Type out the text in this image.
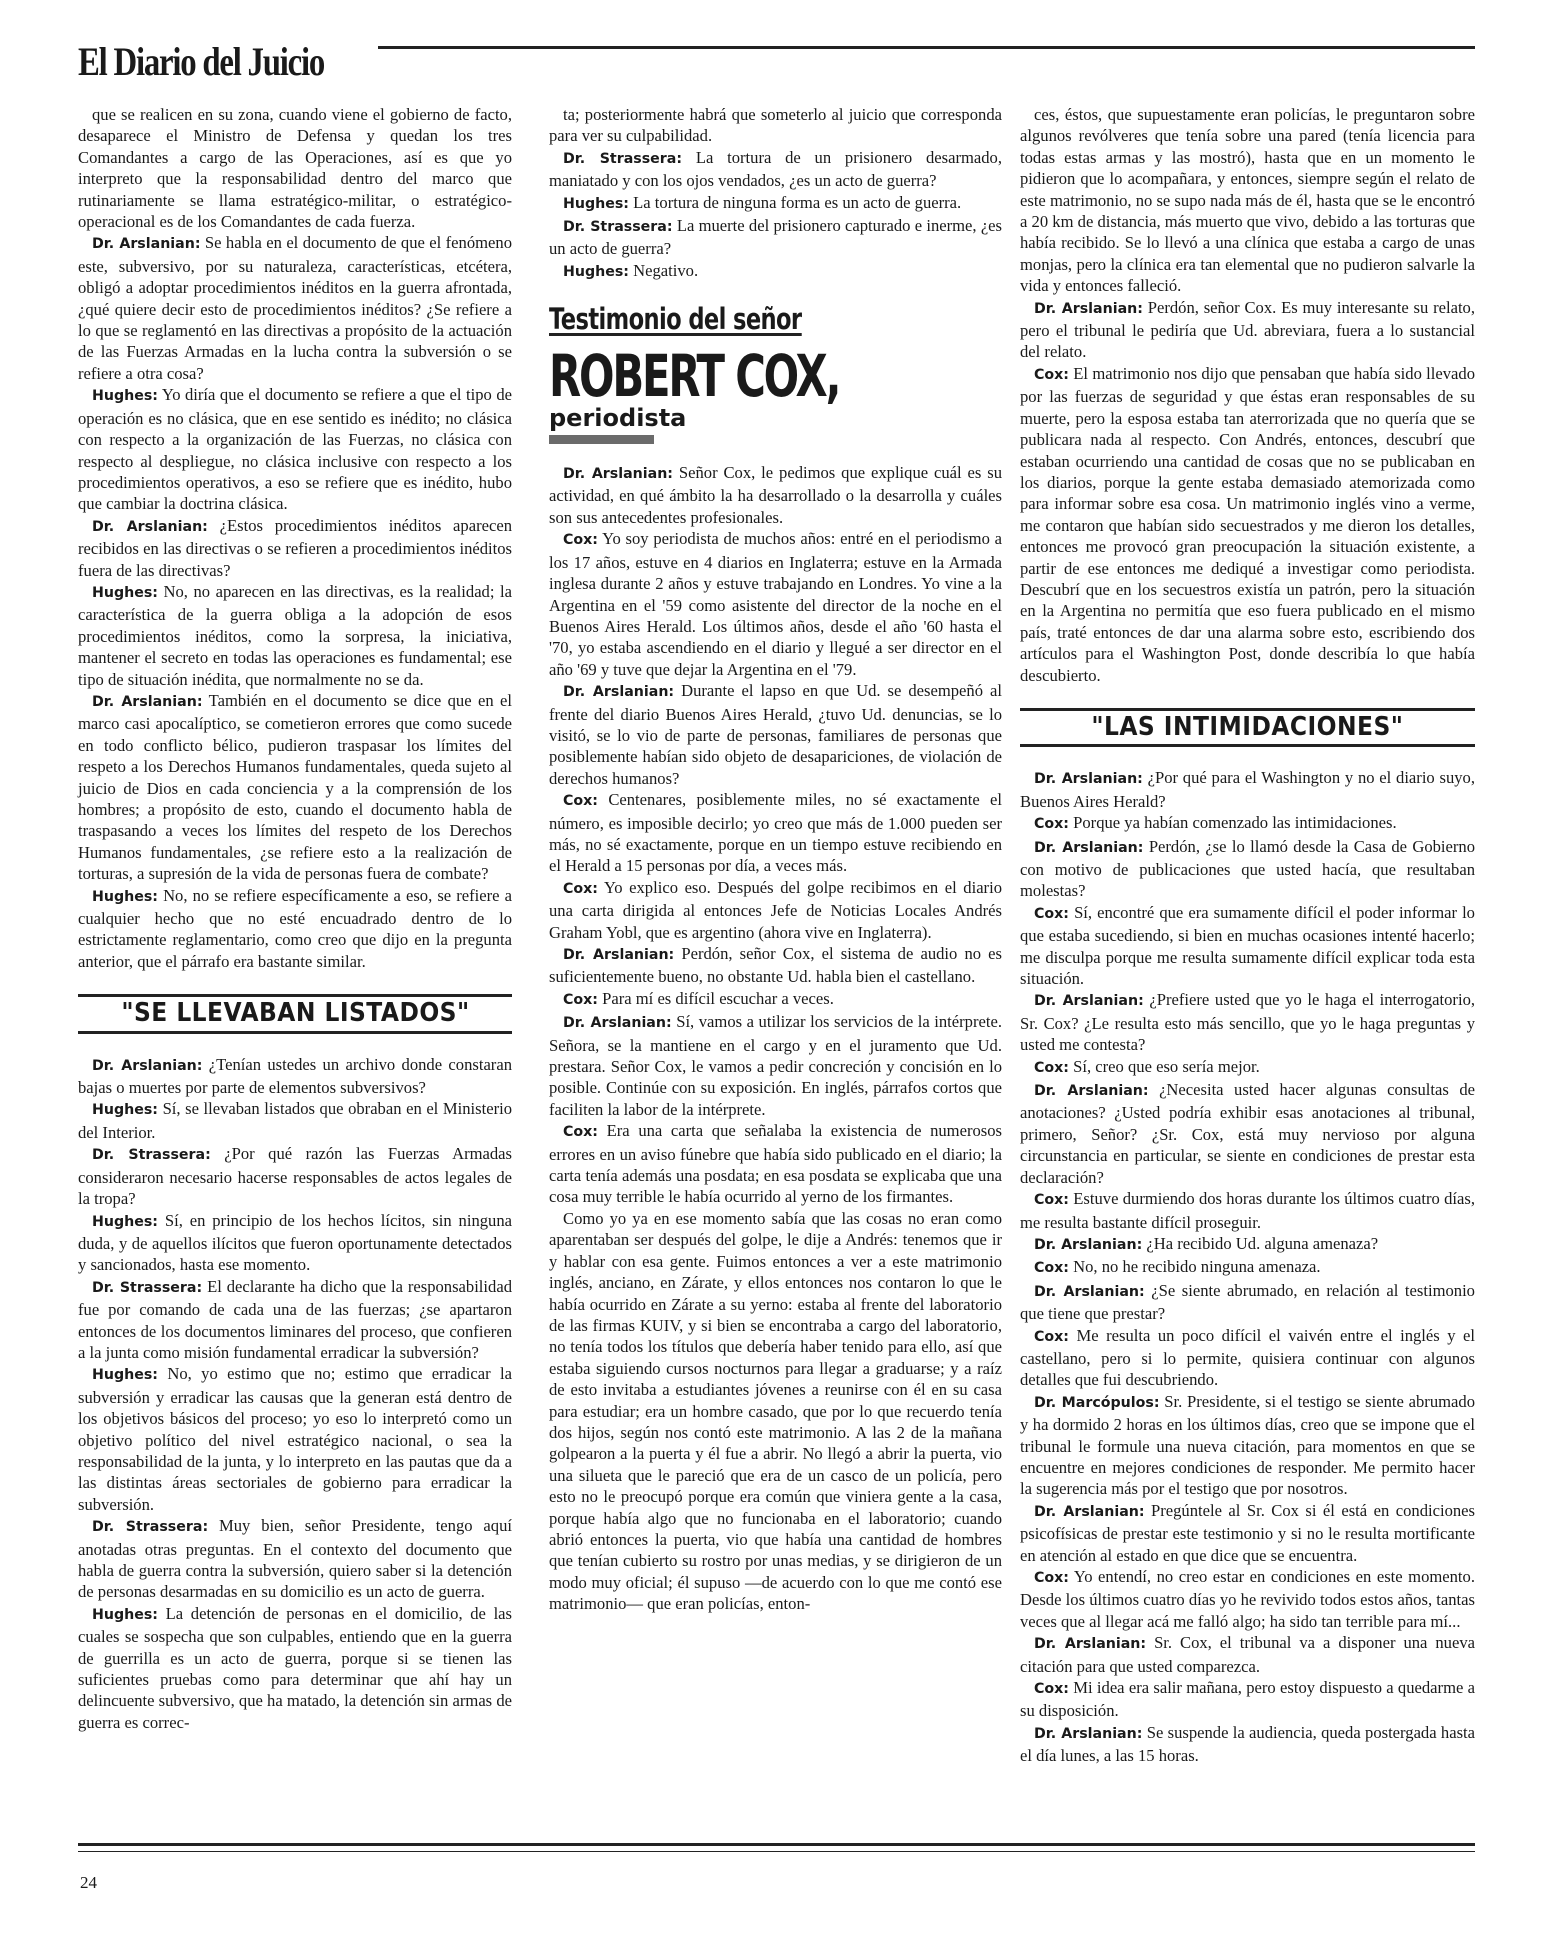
El Diario del Juicio

que se realicen en su zona, cuando viene el gobierno de facto, desaparece el Ministro de Defensa y quedan los tres Comandantes a cargo de las Operaciones, así es que yo interpreto que la responsabilidad dentro del marco que rutinariamente se llama estratégico-militar, o estratégico-operacional es de los Comandantes de cada fuerza.

Dr. Arslanian: Se habla en el documento de que el fenómeno este, subversivo, por su naturaleza, características, etcétera, obligó a adoptar procedimientos inéditos en la guerra afrontada, ¿qué quiere decir esto de procedimientos inéditos? ¿Se refiere a lo que se reglamentó en las directivas a propósito de la actuación de las Fuerzas Armadas en la lucha contra la subversión o se refiere a otra cosa?

Hughes: Yo diría que el documento se refiere a que el tipo de operación es no clásica, que en ese sentido es inédito; no clásica con respecto a la organización de las Fuerzas, no clásica con respecto al despliegue, no clásica inclusive con respecto a los procedimientos operativos, a eso se refiere que es inédito, hubo que cambiar la doctrina clásica.

Dr. Arslanian: ¿Estos procedimientos inéditos aparecen recibidos en las directivas o se refieren a procedimientos inéditos fuera de las directivas?

Hughes: No, no aparecen en las directivas, es la realidad; la característica de la guerra obliga a la adopción de esos procedimientos inéditos, como la sorpresa, la iniciativa, mantener el secreto en todas las operaciones es fundamental; ese tipo de situación inédita, que normalmente no se da.

Dr. Arslanian: También en el documento se dice que en el marco casi apocalíptico, se cometieron errores que como sucede en todo conflicto bélico, pudieron traspasar los límites del respeto a los Derechos Humanos fundamentales, queda sujeto al juicio de Dios en cada conciencia y a la comprensión de los hombres; a propósito de esto, cuando el documento habla de traspasando a veces los límites del respeto de los Derechos Humanos fundamentales, ¿se refiere esto a la realización de torturas, a supresión de la vida de personas fuera de combate?

Hughes: No, no se refiere específicamente a eso, se refiere a cualquier hecho que no esté encuadrado dentro de lo estrictamente reglamentario, como creo que dijo en la pregunta anterior, que el párrafo era bastante similar.

"SE LLEVABAN LISTADOS"

Dr. Arslanian: ¿Tenían ustedes un archivo donde constaran bajas o muertes por parte de elementos subversivos?

Hughes: Sí, se llevaban listados que obraban en el Ministerio del Interior.

Dr. Strassera: ¿Por qué razón las Fuerzas Armadas consideraron necesario hacerse responsables de actos legales de la tropa?

Hughes: Sí, en principio de los hechos lícitos, sin ninguna duda, y de aquellos ilícitos que fueron oportunamente detectados y sancionados, hasta ese momento.

Dr. Strassera: El declarante ha dicho que la responsabilidad fue por comando de cada una de las fuerzas; ¿se apartaron entonces de los documentos liminares del proceso, que confieren a la junta como misión fundamental erradicar la subversión?

Hughes: No, yo estimo que no; estimo que erradicar la subversión y erradicar las causas que la generan está dentro de los objetivos básicos del proceso; yo eso lo interpretó como un objetivo político del nivel estratégico nacional, o sea la responsabilidad de la junta, y lo interpreto en las pautas que da a las distintas áreas sectoriales de gobierno para erradicar la subversión.

Dr. Strassera: Muy bien, señor Presidente, tengo aquí anotadas otras preguntas. En el contexto del documento que habla de guerra contra la subversión, quiero saber si la detención de personas desarmadas en su domicilio es un acto de guerra.

Hughes: La detención de personas en el domicilio, de las cuales se sospecha que son culpables, entiendo que en la guerra de guerrilla es un acto de guerra, porque si se tienen las suficientes pruebas como para determinar que ahí hay un delincuente subversivo, que ha matado, la detención sin armas de guerra es correc-

ta; posteriormente habrá que someterlo al juicio que corresponda para ver su culpabilidad.

Dr. Strassera: La tortura de un prisionero desarmado, maniatado y con los ojos vendados, ¿es un acto de guerra?

Hughes: La tortura de ninguna forma es un acto de guerra.

Dr. Strassera: La muerte del prisionero capturado e inerme, ¿es un acto de guerra?

Hughes: Negativo.

Testimonio del señor
ROBERT COX,
periodista

Dr. Arslanian: Señor Cox, le pedimos que explique cuál es su actividad, en qué ámbito la ha desarrollado o la desarrolla y cuáles son sus antecedentes profesionales.

Cox: Yo soy periodista de muchos años: entré en el periodismo a los 17 años, estuve en 4 diarios en Inglaterra; estuve en la Armada inglesa durante 2 años y estuve trabajando en Londres. Yo vine a la Argentina en el '59 como asistente del director de la noche en el Buenos Aires Herald. Los últimos años, desde el año '60 hasta el '70, yo estaba ascendiendo en el diario y llegué a ser director en el año '69 y tuve que dejar la Argentina en el '79.

Dr. Arslanian: Durante el lapso en que Ud. se desempeñó al frente del diario Buenos Aires Herald, ¿tuvo Ud. denuncias, se lo visitó, se lo vio de parte de personas, familiares de personas que posiblemente habían sido objeto de desapariciones, de violación de derechos humanos?

Cox: Centenares, posiblemente miles, no sé exactamente el número, es imposible decirlo; yo creo que más de 1.000 pueden ser más, no sé exactamente, porque en un tiempo estuve recibiendo en el Herald a 15 personas por día, a veces más.

Cox: Yo explico eso. Después del golpe recibimos en el diario una carta dirigida al entonces Jefe de Noticias Locales Andrés Graham Yobl, que es argentino (ahora vive en Inglaterra).

Dr. Arslanian: Perdón, señor Cox, el sistema de audio no es suficientemente bueno, no obstante Ud. habla bien el castellano.

Cox: Para mí es difícil escuchar a veces.

Dr. Arslanian: Sí, vamos a utilizar los servicios de la intérprete. Señora, se la mantiene en el cargo y en el juramento que Ud. prestara. Señor Cox, le vamos a pedir concreción y concisión en lo posible. Continúe con su exposición. En inglés, párrafos cortos que faciliten la labor de la intérprete.

Cox: Era una carta que señalaba la existencia de numerosos errores en un aviso fúnebre que había sido publicado en el diario; la carta tenía además una posdata; en esa posdata se explicaba que una cosa muy terrible le había ocurrido al yerno de los firmantes.

Como yo ya en ese momento sabía que las cosas no eran como aparentaban ser después del golpe, le dije a Andrés: tenemos que ir y hablar con esa gente. Fuimos entonces a ver a este matrimonio inglés, anciano, en Zárate, y ellos entonces nos contaron lo que le había ocurrido en Zárate a su yerno: estaba al frente del laboratorio de las firmas KUIV, y si bien se encontraba a cargo del laboratorio, no tenía todos los títulos que debería haber tenido para ello, así que estaba siguiendo cursos nocturnos para llegar a graduarse; y a raíz de esto invitaba a estudiantes jóvenes a reunirse con él en su casa para estudiar; era un hombre casado, que por lo que recuerdo tenía dos hijos, según nos contó este matrimonio. A las 2 de la mañana golpearon a la puerta y él fue a abrir. No llegó a abrir la puerta, vio una silueta que le pareció que era de un casco de un policía, pero esto no le preocupó porque era común que viniera gente a la casa, porque había algo que no funcionaba en el laboratorio; cuando abrió entonces la puerta, vio que había una cantidad de hombres que tenían cubierto su rostro por unas medias, y se dirigieron de un modo muy oficial; él supuso —de acuerdo con lo que me contó ese matrimonio— que eran policías, enton-

ces, éstos, que supuestamente eran policías, le preguntaron sobre algunos revólveres que tenía sobre una pared (tenía licencia para todas estas armas y las mostró), hasta que en un momento le pidieron que lo acompañara, y entonces, siempre según el relato de este matrimonio, no se supo nada más de él, hasta que se le encontró a 20 km de distancia, más muerto que vivo, debido a las torturas que había recibido. Se lo llevó a una clínica que estaba a cargo de unas monjas, pero la clínica era tan elemental que no pudieron salvarle la vida y entonces falleció.

Dr. Arslanian: Perdón, señor Cox. Es muy interesante su relato, pero el tribunal le pediría que Ud. abreviara, fuera a lo sustancial del relato.

Cox: El matrimonio nos dijo que pensaban que había sido llevado por las fuerzas de seguridad y que éstas eran responsables de su muerte, pero la esposa estaba tan aterrorizada que no quería que se publicara nada al respecto. Con Andrés, entonces, descubrí que estaban ocurriendo una cantidad de cosas que no se publicaban en los diarios, porque la gente estaba demasiado atemorizada como para informar sobre esa cosa. Un matrimonio inglés vino a verme, me contaron que habían sido secuestrados y me dieron los detalles, entonces me provocó gran preocupación la situación existente, a partir de ese entonces me dediqué a investigar como periodista. Descubrí que en los secuestros existía un patrón, pero la situación en la Argentina no permitía que eso fuera publicado en el mismo país, traté entonces de dar una alarma sobre esto, escribiendo dos artículos para el Washington Post, donde describía lo que había descubierto.

"LAS INTIMIDACIONES"

Dr. Arslanian: ¿Por qué para el Washington y no el diario suyo, Buenos Aires Herald?

Cox: Porque ya habían comenzado las intimidaciones.

Dr. Arslanian: Perdón, ¿se lo llamó desde la Casa de Gobierno con motivo de publicaciones que usted hacía, que resultaban molestas?

Cox: Sí, encontré que era sumamente difícil el poder informar lo que estaba sucediendo, si bien en muchas ocasiones intenté hacerlo; me disculpa porque me resulta sumamente difícil explicar toda esta situación.

Dr. Arslanian: ¿Prefiere usted que yo le haga el interrogatorio, Sr. Cox? ¿Le resulta esto más sencillo, que yo le haga preguntas y usted me contesta?

Cox: Sí, creo que eso sería mejor.

Dr. Arslanian: ¿Necesita usted hacer algunas consultas de anotaciones? ¿Usted podría exhibir esas anotaciones al tribunal, primero, Señor? ¿Sr. Cox, está muy nervioso por alguna circunstancia en particular, se siente en condiciones de prestar esta declaración?

Cox: Estuve durmiendo dos horas durante los últimos cuatro días, me resulta bastante difícil proseguir.

Dr. Arslanian: ¿Ha recibido Ud. alguna amenaza?

Cox: No, no he recibido ninguna amenaza.

Dr. Arslanian: ¿Se siente abrumado, en relación al testimonio que tiene que prestar?

Cox: Me resulta un poco difícil el vaivén entre el inglés y el castellano, pero si lo permite, quisiera continuar con algunos detalles que fui descubriendo.

Dr. Marcópulos: Sr. Presidente, si el testigo se siente abrumado y ha dormido 2 horas en los últimos días, creo que se impone que el tribunal le formule una nueva citación, para momentos en que se encuentre en mejores condiciones de responder. Me permito hacer la sugerencia más por el testigo que por nosotros.

Dr. Arslanian: Pregúntele al Sr. Cox si él está en condiciones psicofísicas de prestar este testimonio y si no le resulta mortificante en atención al estado en que dice que se encuentra.

Cox: Yo entendí, no creo estar en condiciones en este momento. Desde los últimos cuatro días yo he revivido todos estos años, tantas veces que al llegar acá me falló algo; ha sido tan terrible para mí...

Dr. Arslanian: Sr. Cox, el tribunal va a disponer una nueva citación para que usted comparezca.

Cox: Mi idea era salir mañana, pero estoy dispuesto a quedarme a su disposición.

Dr. Arslanian: Se suspende la audiencia, queda postergada hasta el día lunes, a las 15 horas.

24
